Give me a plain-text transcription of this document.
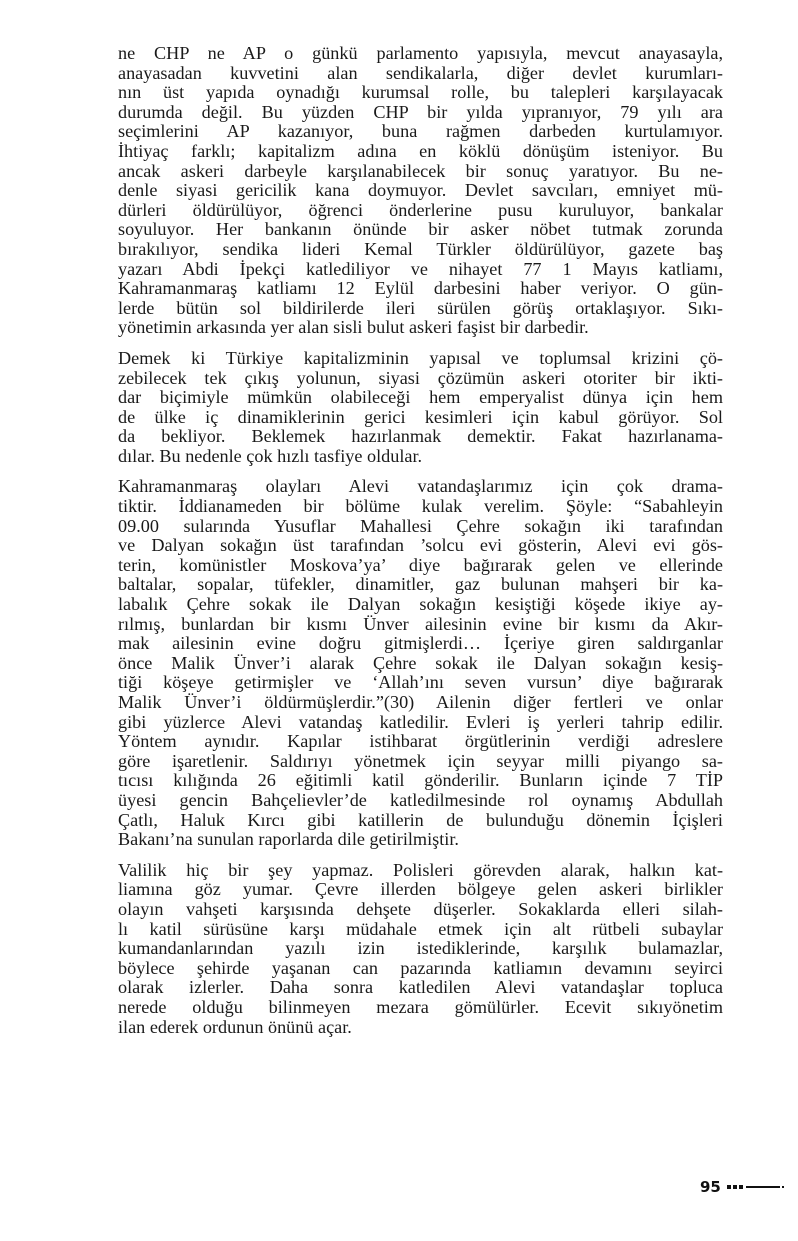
ne CHP ne AP o günkü parlamento yapısıyla, mevcut anayasayla,
anayasadan kuvvetini alan sendikalarla, diğer devlet kurumları-
nın üst yapıda oynadığı kurumsal rolle, bu talepleri karşılayacak
durumda değil. Bu yüzden CHP bir yılda yıpranıyor, 79 yılı ara
seçimlerini AP kazanıyor, buna rağmen darbeden kurtulamıyor.
İhtiyaç farklı; kapitalizm adına en köklü dönüşüm isteniyor. Bu
ancak askeri darbeyle karşılanabilecek bir sonuç yaratıyor. Bu ne-
denle siyasi gericilik kana doymuyor. Devlet savcıları, emniyet mü-
dürleri öldürülüyor, öğrenci önderlerine pusu kuruluyor, bankalar
soyuluyor. Her bankanın önünde bir asker nöbet tutmak zorunda
bırakılıyor, sendika lideri Kemal Türkler öldürülüyor, gazete baş
yazarı Abdi İpekçi katlediliyor ve nihayet 77 1 Mayıs katliamı,
Kahramanmaraş katliamı 12 Eylül darbesini haber veriyor. O gün-
lerde bütün sol bildirilerde ileri sürülen görüş ortaklaşıyor. Sıkı-
yönetimin arkasında yer alan sisli bulut askeri faşist bir darbedir.
Demek ki Türkiye kapitalizminin yapısal ve toplumsal krizini çö-
zebilecek tek çıkış yolunun, siyasi çözümün askeri otoriter bir ikti-
dar biçimiyle mümkün olabileceği hem emperyalist dünya için hem
de ülke iç dinamiklerinin gerici kesimleri için kabul görüyor. Sol
da bekliyor. Beklemek hazırlanmak demektir. Fakat hazırlanama-
dılar. Bu nedenle çok hızlı tasfiye oldular.
Kahramanmaraş olayları Alevi vatandaşlarımız için çok drama-
tiktir. İddianameden bir bölüme kulak verelim. Şöyle: “Sabahleyin
09.00 sularında Yusuflar Mahallesi Çehre sokağın iki tarafından
ve Dalyan sokağın üst tarafından ’solcu evi gösterin, Alevi evi gös-
terin, komünistler Moskova’ya’ diye bağırarak gelen ve ellerinde
baltalar, sopalar, tüfekler, dinamitler, gaz bulunan mahşeri bir ka-
labalık Çehre sokak ile Dalyan sokağın kesiştiği köşede ikiye ay-
rılmış, bunlardan bir kısmı Ünver ailesinin evine bir kısmı da Akır-
mak ailesinin evine doğru gitmişlerdi… İçeriye giren saldırganlar
önce Malik Ünver’i alarak Çehre sokak ile Dalyan sokağın kesiş-
tiği köşeye getirmişler ve ‘Allah’ını seven vursun’ diye bağırarak
Malik Ünver’i öldürmüşlerdir.”(30) Ailenin diğer fertleri ve onlar
gibi yüzlerce Alevi vatandaş katledilir. Evleri iş yerleri tahrip edilir.
Yöntem aynıdır. Kapılar istihbarat örgütlerinin verdiği adreslere
göre işaretlenir. Saldırıyı yönetmek için seyyar milli piyango sa-
tıcısı kılığında 26 eğitimli katil gönderilir. Bunların içinde 7 TİP
üyesi gencin Bahçelievler’de katledilmesinde rol oynamış Abdullah
Çatlı, Haluk Kırcı gibi katillerin de bulunduğu dönemin İçişleri
Bakanı’na sunulan raporlarda dile getirilmiştir.
Valilik hiç bir şey yapmaz. Polisleri görevden alarak, halkın kat-
liamına göz yumar. Çevre illerden bölgeye gelen askeri birlikler
olayın vahşeti karşısında dehşete düşerler. Sokaklarda elleri silah-
lı katil sürüsüne karşı müdahale etmek için alt rütbeli subaylar
kumandanlarından yazılı izin istediklerinde, karşılık bulamazlar,
böylece şehirde yaşanan can pazarında katliamın devamını seyirci
olarak izlerler. Daha sonra katledilen Alevi vatandaşlar topluca
nerede olduğu bilinmeyen mezara gömülürler. Ecevit sıkıyönetim
ilan ederek ordunun önünü açar.
95
